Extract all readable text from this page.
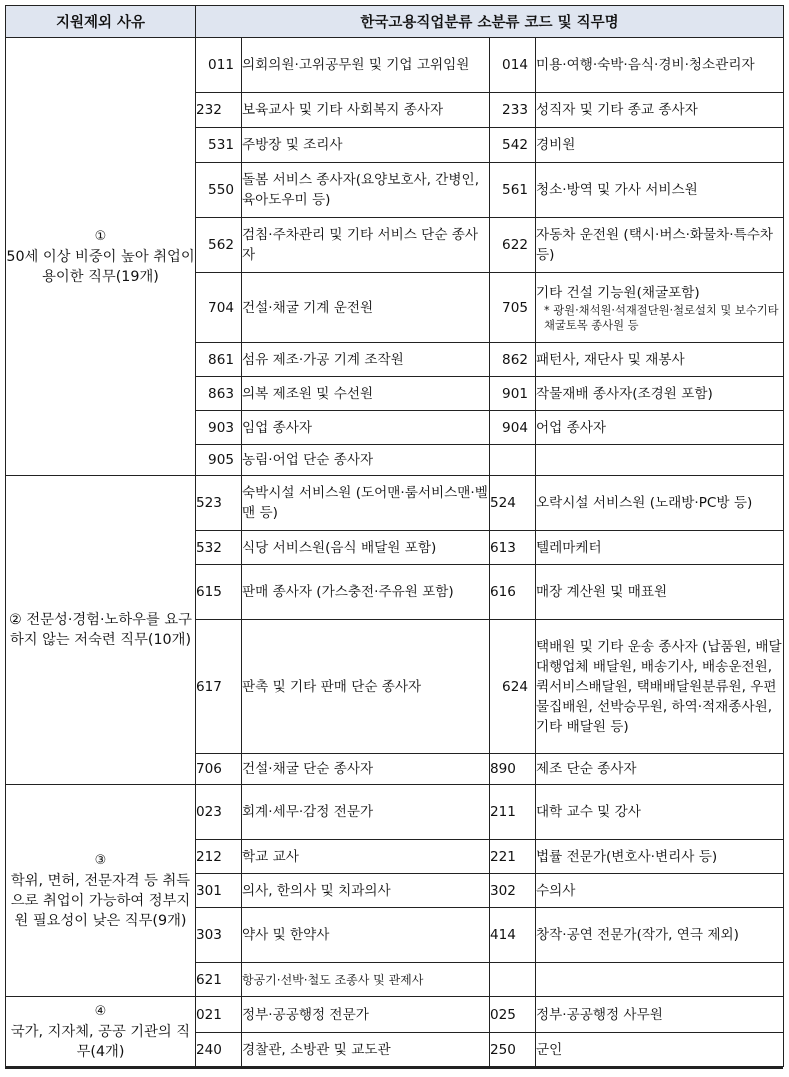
지원제외 사유	한국고용직업분류 소분류 코드 및 직무명			

①
50세 이상 비중이 높아 취업이 용이한 직무(19개)	011	의회의원·고위공무원 및 기업 고위임원	014	미용·여행·숙박·음식·경비·청소관리자
	232	보육교사 및 기타 사회복지 종사자	233	성직자 및 기타 종교 종사자
	531	주방장 및 조리사	542	경비원
	550	돌봄 서비스 종사자(요양보호사, 간병인, 육아도우미 등)	561	청소·방역 및 가사 서비스원
	562	검침·주차관리 및 기타 서비스 단순 종사자	622	자동차 운전원 (택시·버스·화물차·특수차 등)
	704	건설·채굴 기계 운전원	705	기타 건설 기능원(채굴포함)
* 광원·채석원·석재절단원·철로설치 및 보수기타 채굴토목 종사원 등

	861	섬유 제조·가공 기계 조작원	862	패턴사, 재단사 및 재봉사
	863	의복 제조원 및 수선원	901	작물재배 종사자(조경원 포함)
	903	임업 종사자	904	어업 종사자
	905	농림·어업 단순 종사자		
② 전문성·경험·노하우를 요구하지 않는 저숙련 직무(10개)	523	숙박시설 서비스원 (도어맨·룸서비스맨·벨맨 등)	524	오락시설 서비스원 (노래방·PC방 등)
	532	식당 서비스원(음식 배달원 포함)	613	텔레마케터
	615	판매 종사자 (가스충전·주유원 포함)	616	매장 계산원 및 매표원
	617	판촉 및 기타 판매 단순 종사자	624	택배원 및 기타 운송 종사자 (납품원, 배달대행업체 배달원, 배송기사, 배송운전원, 퀵서비스배달원, 택배배달원분류원, 우편물집배원, 선박승무원, 하역·적재종사원, 기타 배달원 등)
	706	건설·채굴 단순 종사자	890	제조 단순 종사자

③
학위, 면허, 전문자격 등 취득으로 취업이 가능하여 정부지원 필요성이 낮은 직무(9개)	023	회계·세무·감정 전문가	211	대학 교수 및 강사
	212	학교 교사	221	법률 전문가(변호사·변리사 등)
	301	의사, 한의사 및 치과의사	302	수의사
	303	약사 및 한약사	414	창작·공연 전문가(작가, 연극 제외)
	621	항공기·선박·철도 조종사 및 관제사		

④
국가, 지자체, 공공 기관의 직무(4개)	021	정부·공공행정 전문가	025	정부·공공행정 사무원
	240	경찰관, 소방관 및 교도관	250	군인
